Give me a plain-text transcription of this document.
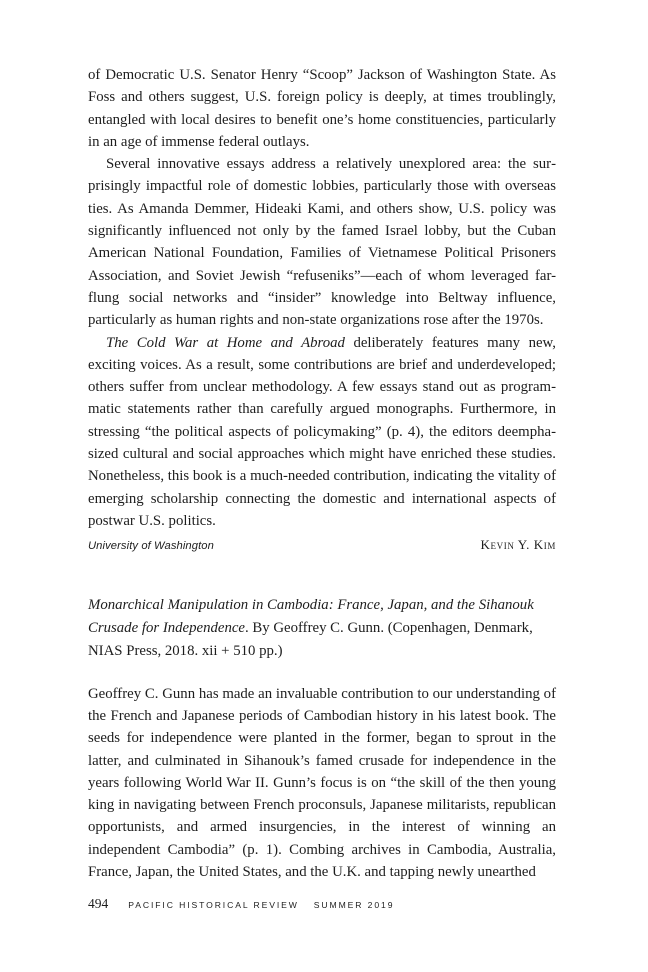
of Democratic U.S. Senator Henry “Scoop” Jackson of Washington State. As Foss and others suggest, U.S. foreign policy is deeply, at times troublingly, entangled with local desires to benefit one’s home constituencies, particularly in an age of immense federal outlays.

Several innovative essays address a relatively unexplored area: the surprisingly impactful role of domestic lobbies, particularly those with overseas ties. As Amanda Demmer, Hideaki Kami, and others show, U.S. policy was significantly influenced not only by the famed Israel lobby, but the Cuban American National Foundation, Families of Vietnamese Political Prisoners Association, and Soviet Jewish “refuseniks”—each of whom leveraged far-flung social networks and “insider” knowledge into Beltway influence, particularly as human rights and non-state organizations rose after the 1970s.

The Cold War at Home and Abroad deliberately features many new, exciting voices. As a result, some contributions are brief and underdeveloped; others suffer from unclear methodology. A few essays stand out as programmatic statements rather than carefully argued monographs. Furthermore, in stressing “the political aspects of policymaking” (p. 4), the editors deemphasized cultural and social approaches which might have enriched these studies. Nonetheless, this book is a much-needed contribution, indicating the vitality of emerging scholarship connecting the domestic and international aspects of postwar U.S. politics.

University of Washington	Kevin Y. Kim

Monarchical Manipulation in Cambodia: France, Japan, and the Sihanouk Crusade for Independence. By Geoffrey C. Gunn. (Copenhagen, Denmark, NIAS Press, 2018. xii + 510 pp.)

Geoffrey C. Gunn has made an invaluable contribution to our understanding of the French and Japanese periods of Cambodian history in his latest book. The seeds for independence were planted in the former, began to sprout in the latter, and culminated in Sihanouk’s famed crusade for independence in the years following World War II. Gunn’s focus is on “the skill of the then young king in navigating between French proconsuls, Japanese militarists, republican opportunists, and armed insurgencies, in the interest of winning an independent Cambodia” (p. 1). Combing archives in Cambodia, Australia, France, Japan, the United States, and the U.K. and tapping newly unearthed

494 PACIFIC HISTORICAL REVIEW SUMMER 2019
